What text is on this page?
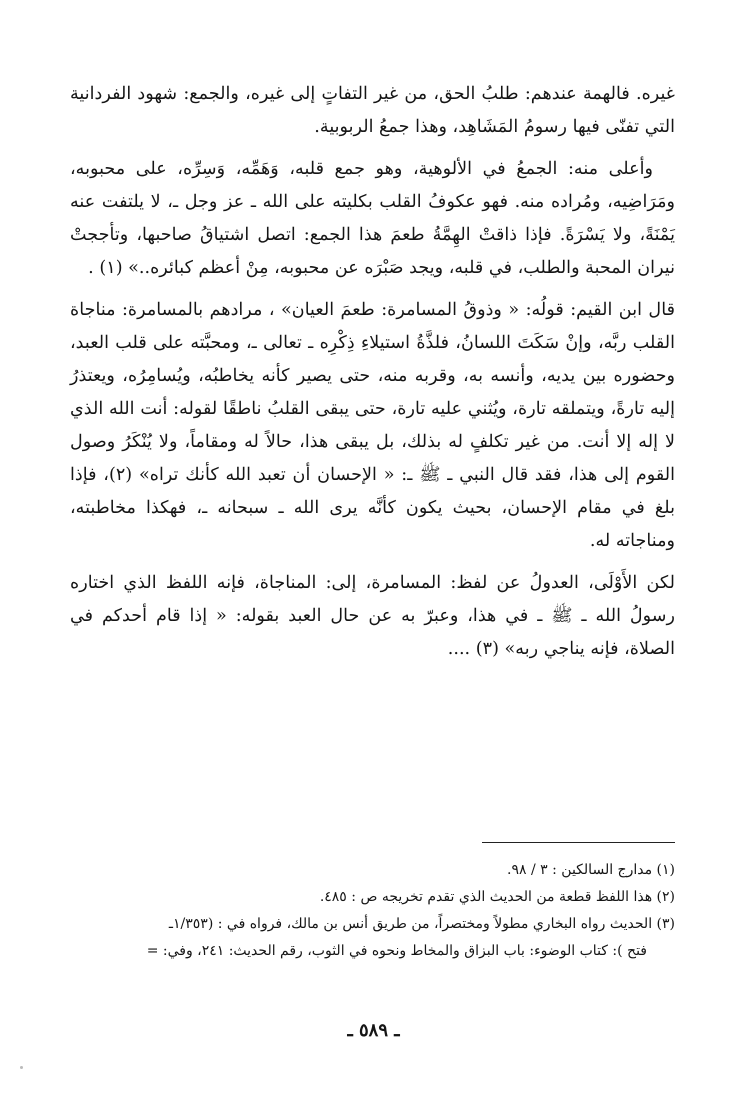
غيره. فالهمة عندهم: طلبُ الحق، من غير التفاتٍ إلى غيره، والجمع: شهود الفردانية التي تفنّى فيها رسومُ المَشَاهِد، وهذا جمعُ الربوبية.

وأعلى منه: الجمعُ في الألوهية، وهو جمع قلبه، وَهَمِّه، وَسِرِّه، على محبوبه، ومَرَاضِيه، ومُراده منه. فهو عكوفُ القلب بكليته على الله ـ عز وجل ـ، لا يلتفت عنه يَمْنَةً، ولا يَسْرَةً. فإذا ذاقتْ الهِمَّةُ طعمَ هذا الجمع: اتصل اشتياقُ صاحبها، وتأججتْ نيران المحبة والطلب، في قلبه، ويجد صَبْرَه عن محبوبه، مِنْ أعظم كبائره..» (١) .

قال ابن القيم: قولُه: « وذوقُ المسامرة: طعمَ العيان» ، مرادهم بالمسامرة: مناجاة القلب ربَّه، وإنْ سَكَتَ اللسانُ، فلذَّةُ استيلاءِ ذِكْرِه ـ تعالى ـ، ومحبَّته على قلب العبد، وحضوره بين يديه، وأنسه به، وقربه منه، حتى يصير كأنه يخاطبُه، ويُسامِرُه، ويعتذرُ إليه تارةً، ويتملقه تارة، ويُثني عليه تارة، حتى يبقى القلبُ ناطقًا لقوله: أنت الله الذي لا إله إلا أنت. من غير تكلفٍ له بذلك، بل يبقى هذا، حالاً له ومقاماً، ولا يُنْكَرُ وصول القوم إلى هذا، فقد قال النبي ـ ﷺ ـ: « الإحسان أن تعبد الله كأنك تراه» (٢)، فإذا بلغ في مقام الإحسان، بحيث يكون كأنَّه يرى الله ـ سبحانه ـ، فهكذا مخاطبته، ومناجاته له.

لكن الأَوْلَى، العدولُ عن لفظ: المسامرة، إلى: المناجاة، فإنه اللفظ الذي اختاره رسولُ الله ـ ﷺ ـ في هذا، وعبرّ به عن حال العبد بقوله: « إذا قام أحدكم في الصلاة، فإنه يناجي ربه» (٣) ....

(١) مدارج السالكين : ٣ / ٩٨.

(٢) هذا اللفظ قطعة من الحديث الذي تقدم تخريجه ص : ٤٨٥.

(٣) الحديث رواه البخاري مطولاً ومختصراً، من طريق أنس بن مالك، فرواه في : (١/٣٥٣ـ

فتح ): كتاب الوضوء: باب البزاق والمخاط ونحوه في الثوب، رقم الحديث: ٢٤١، وفي: =

ـ ٥٨٩ ـ
